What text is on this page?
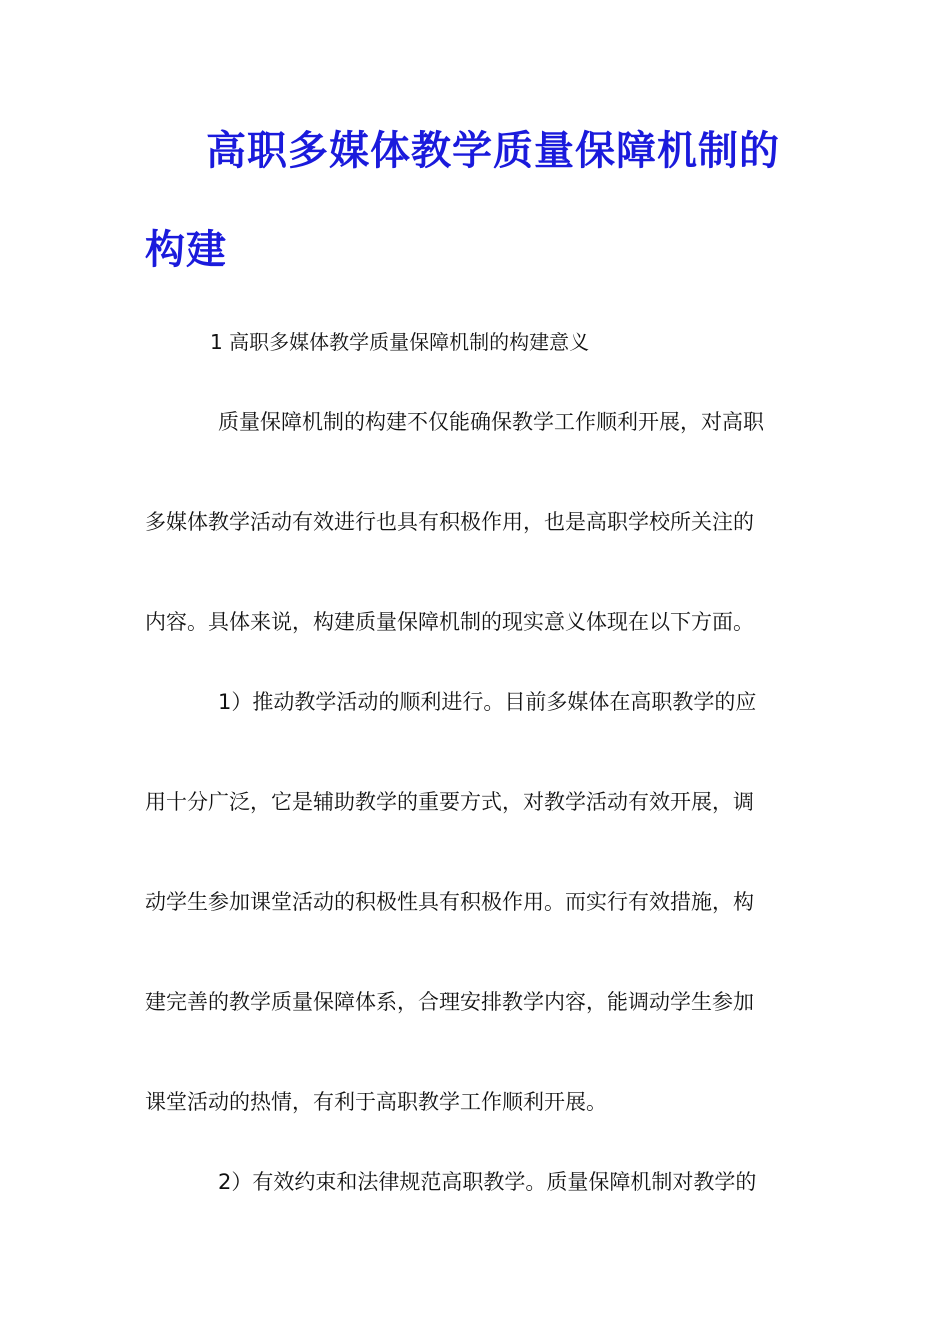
高职多媒体教学质量保障机制的
构建
1 高职多媒体教学质量保障机制的构建意义
质量保障机制的构建不仅能确保教学工作顺利开展，对高职
多媒体教学活动有效进行也具有积极作用，也是高职学校所关注的
内容。具体来说，构建质量保障机制的现实意义体现在以下方面。
1）推动教学活动的顺利进行。目前多媒体在高职教学的应
用十分广泛，它是辅助教学的重要方式，对教学活动有效开展，调
动学生参加课堂活动的积极性具有积极作用。而实行有效措施，构
建完善的教学质量保障体系，合理安排教学内容，能调动学生参加
课堂活动的热情，有利于高职教学工作顺利开展。
2）有效约束和法律规范高职教学。质量保障机制对教学的
